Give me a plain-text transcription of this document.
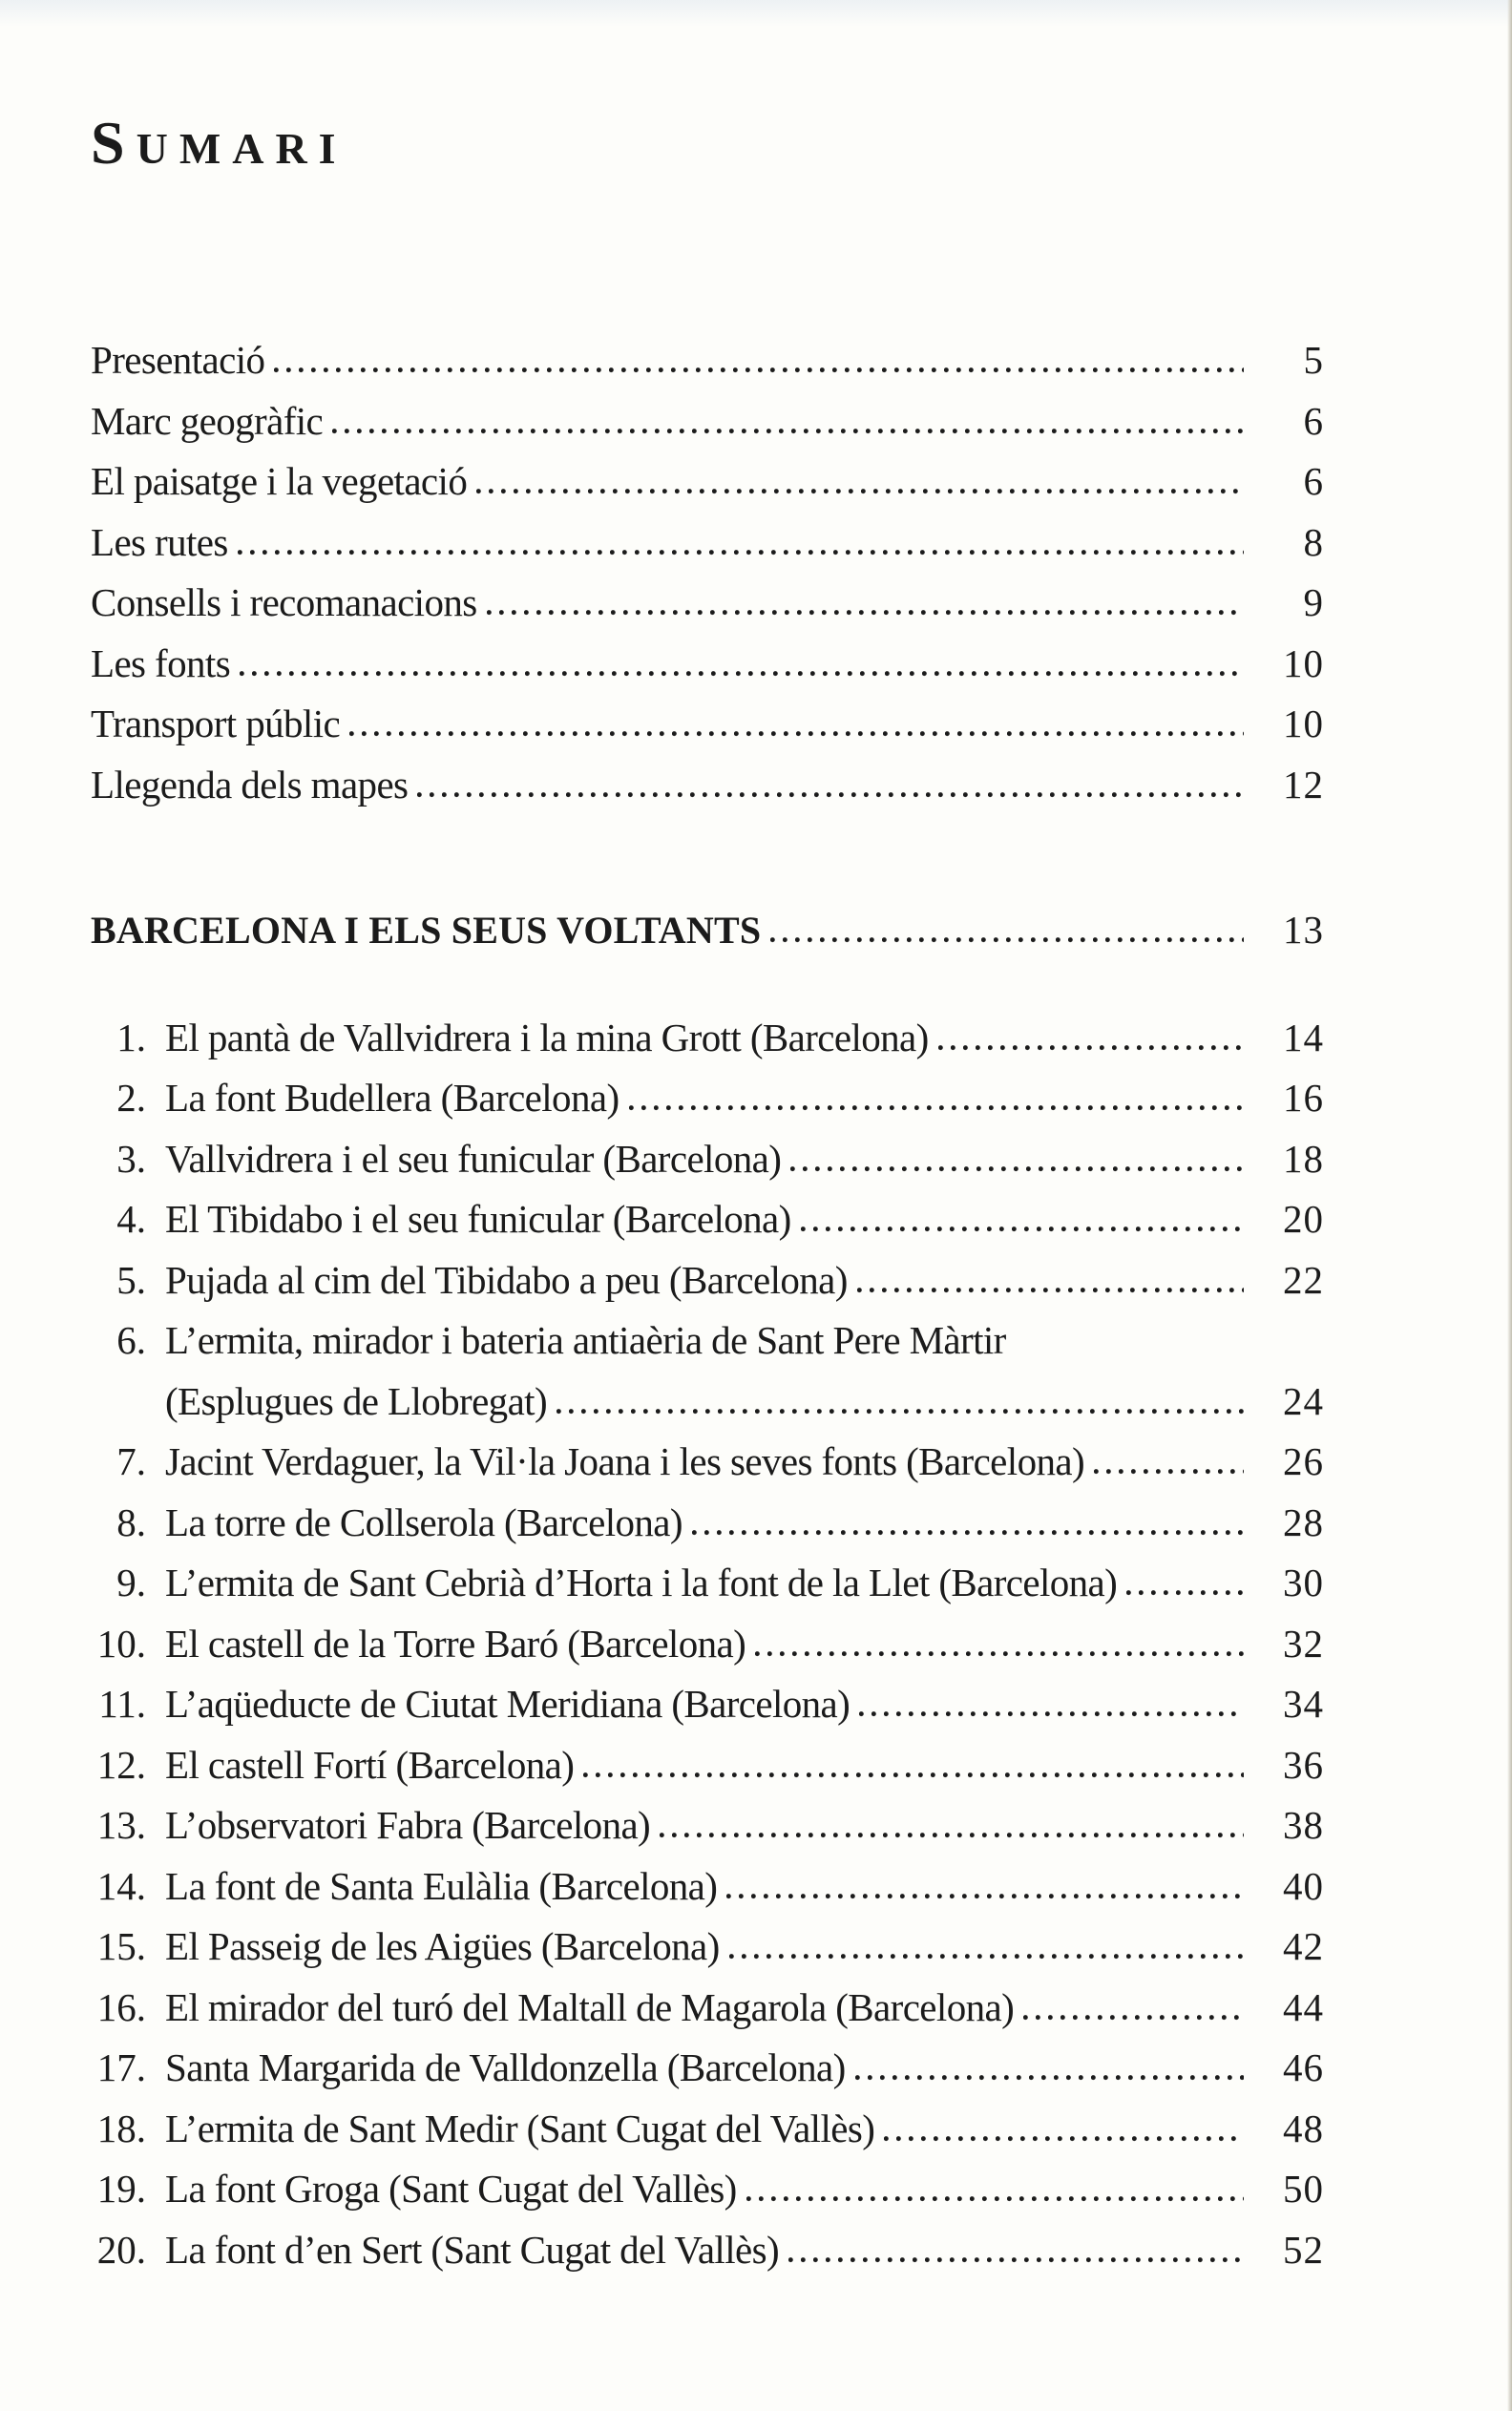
SUMARI
Presentació	5
Marc geogràfic	6
El paisatge i la vegetació	6
Les rutes	8
Consells i recomanacions	9
Les fonts	10
Transport públic	10
Llegenda dels mapes	12
BARCELONA I ELS SEUS VOLTANTS	13
1. El pantà de Vallvidrera i la mina Grott (Barcelona)	14
2. La font Budellera (Barcelona)	16
3. Vallvidrera i el seu funicular (Barcelona)	18
4. El Tibidabo i el seu funicular (Barcelona)	20
5. Pujada al cim del Tibidabo a peu (Barcelona)	22
6. L’ermita, mirador i bateria antiaèria de Sant Pere Màrtir
(Esplugues de Llobregat)	24
7. Jacint Verdaguer, la Vil·la Joana i les seves fonts (Barcelona)	26
8. La torre de Collserola (Barcelona)	28
9. L’ermita de Sant Cebrià d’Horta i la font de la Llet (Barcelona)	30
10. El castell de la Torre Baró (Barcelona)	32
11. L’aqüeducte de Ciutat Meridiana (Barcelona)	34
12. El castell Fortí (Barcelona)	36
13. L’observatori Fabra (Barcelona)	38
14. La font de Santa Eulàlia (Barcelona)	40
15. El Passeig de les Aigües (Barcelona)	42
16. El mirador del turó del Maltall de Magarola (Barcelona)	44
17. Santa Margarida de Valldonzella (Barcelona)	46
18. L’ermita de Sant Medir (Sant Cugat del Vallès)	48
19. La font Groga (Sant Cugat del Vallès)	50
20. La font d’en Sert (Sant Cugat del Vallès)	52
